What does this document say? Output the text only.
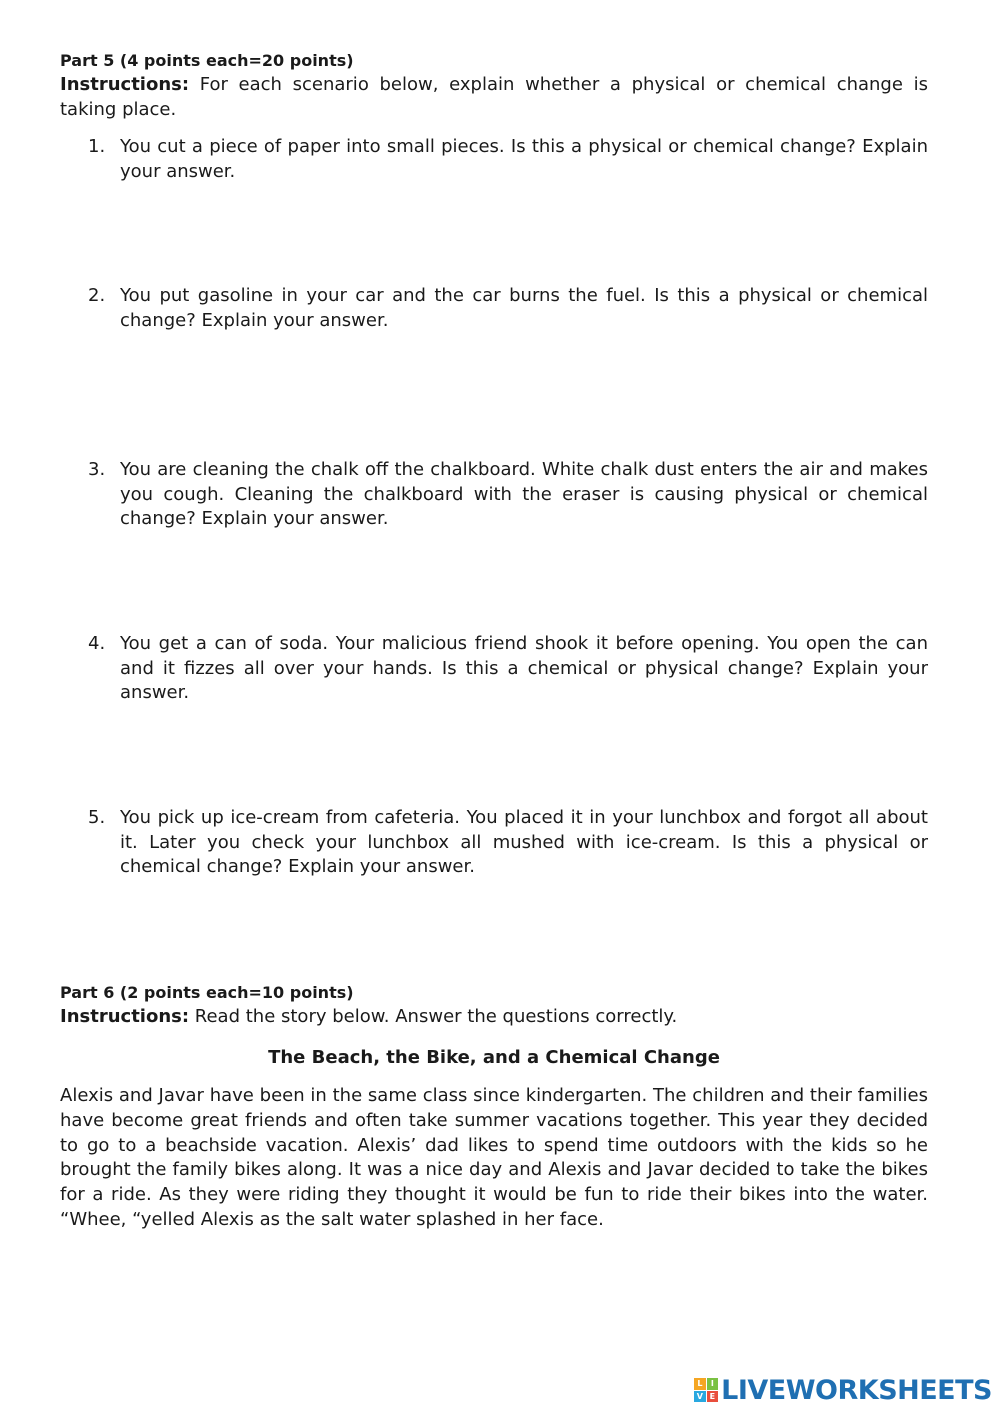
Part 5 (4 points each=20 points)

Instructions: For each scenario below, explain whether a physical or chemical change is taking place.

1. You cut a piece of paper into small pieces. Is this a physical or chemical change? Explain your answer.
2. You put gasoline in your car and the car burns the fuel. Is this a physical or chemical change? Explain your answer.
3. You are cleaning the chalk off the chalkboard. White chalk dust enters the air and makes you cough. Cleaning the chalkboard with the eraser is causing physical or chemical change? Explain your answer.
4. You get a can of soda. Your malicious friend shook it before opening. You open the can and it fizzes all over your hands. Is this a chemical or physical change? Explain your answer.
5. You pick up ice-cream from cafeteria. You placed it in your lunchbox and forgot all about it. Later you check your lunchbox all mushed with ice-cream. Is this a physical or chemical change? Explain your answer.

Part 6 (2 points each=10 points)

Instructions: Read the story below. Answer the questions correctly.

The Beach, the Bike, and a Chemical Change

Alexis and Javar have been in the same class since kindergarten. The children and their families have become great friends and often take summer vacations together. This year they decided to go to a beachside vacation. Alexis’ dad likes to spend time outdoors with the kids so he brought the family bikes along. It was a nice day and Alexis and Javar decided to take the bikes for a ride. As they were riding they thought it would be fun to ride their bikes into the water. “Whee, “yelled Alexis as the salt water splashed in her face.

L	I
V E LIVEWORKSHEETS
